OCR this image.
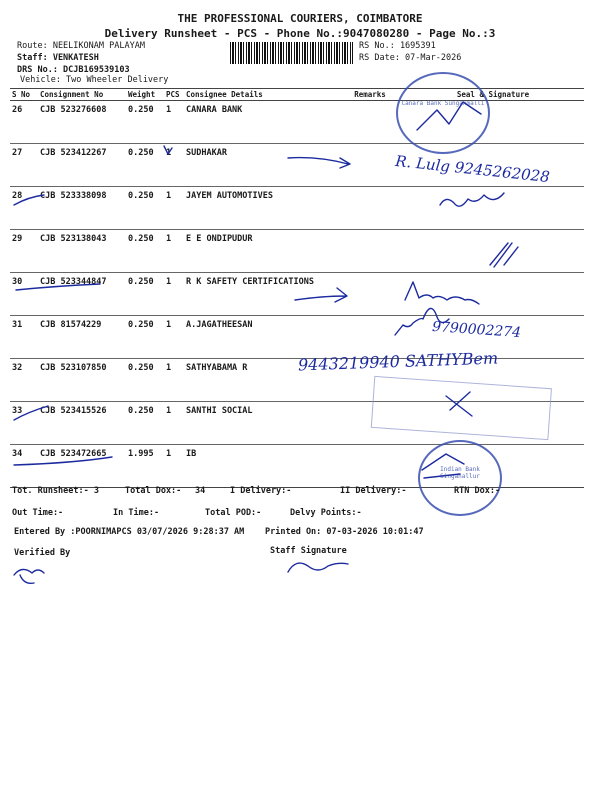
THE PROFESSIONAL COURIERS, COIMBATORE
Delivery Runsheet - PCS - Phone No.:9047080280 - Page No.:3
Route: NEELIKONAM PALAYAM
Staff: VENKATESH
DRS No.: DCJB169539103
Vehicle: Two Wheeler Delivery
RS No.: 1695391
RS Date: 07-Mar-2026
S No	Consignment No	Weight	PCS	Consignee Details	Remarks	Seal & Signature
26	CJB 523276608	0.250	1	CANARA BANK		
27	CJB 523412267	0.250	1	SUDHAKAR		
28	CJB 523338098	0.250	1	JAYEM AUTOMOTIVES		
29	CJB 523138043	0.250	1	E E ONDIPUDUR		
30	CJB 523344847	0.250	1	R K SAFETY CERTIFICATIONS		
31	CJB 81574229	0.250	1	A.JAGATHEESAN		
32	CJB 523107850	0.250	1	SATHYABAMA R		
33	CJB 523415526	0.250	1	SANTHI SOCIAL		
34	CJB 523472665	1.995	1	IB		
Canara Bank Sunganmalli
Indian Bank Singanallur
R. Lulg 9245262028
9790002274
9443219940 SATHYBem
Tot. Runsheet:- 3	Total Dox:- 34	I Delivery:-	II Delivery:-	RTN Dox:-
Out Time:-	In Time:-	Total POD:-	Delvy Points:-
Entered By :POORNIMAPCS 03/07/2026 9:28:37 AM Printed On: 07-03-2026 10:01:47
Verified By	Staff Signature
